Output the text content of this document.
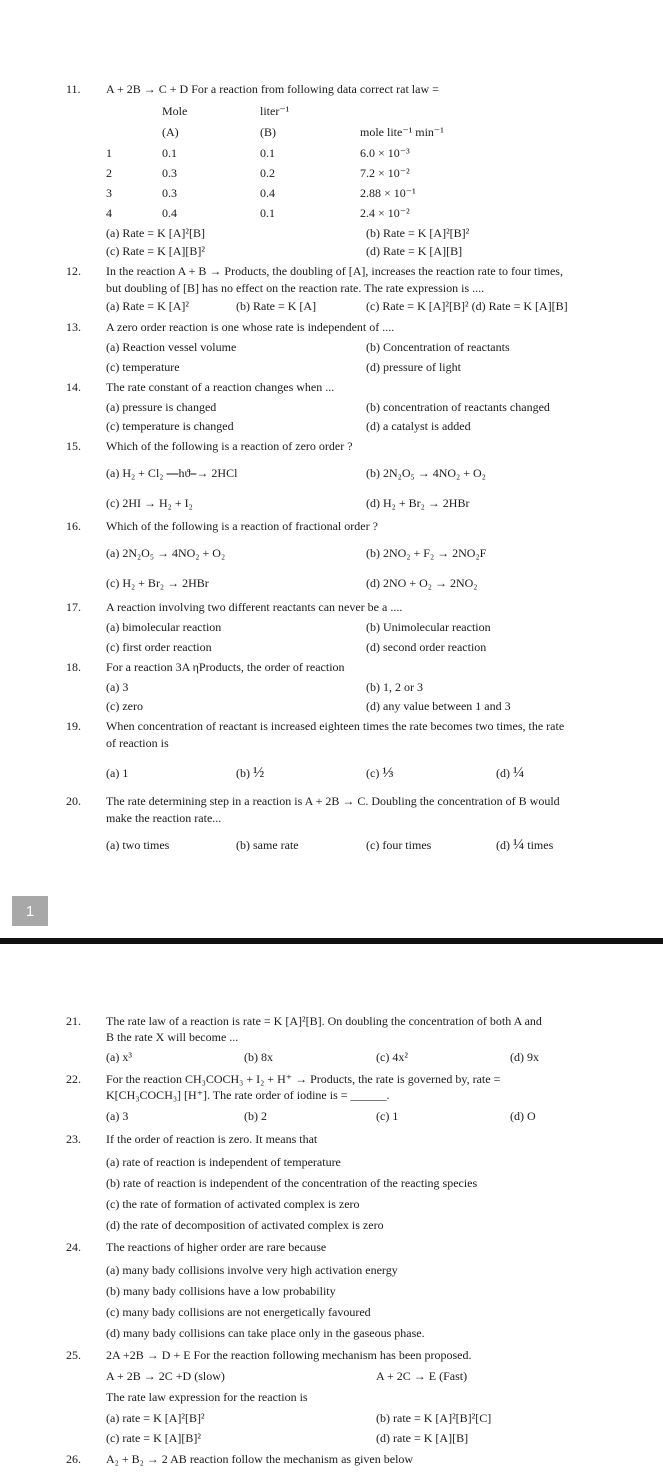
11. A + 2B → C + D For a reaction from following data correct rat law =
Mole	liter⁻¹
(A)	(B)	mole lite⁻¹ min⁻¹
1	0.1	0.1	6.0 × 10⁻³
2	0.3	0.2	7.2 × 10⁻²
3	0.3	0.4	2.88 × 10⁻¹
4	0.4	0.1	2.4 × 10⁻²
(a) Rate = K [A]²[B]	(b) Rate = K [A]²[B]²
(c) Rate = K [A][B]²	(d) Rate = K [A][B]
12. In the reaction A + B → Products, the doubling of [A], increases the reaction rate to four times,
but doubling of [B] has no effect on the reaction rate. The rate expression is ....
(a) Rate = K [A]²	(b) Rate = K [A]	(c) Rate = K [A]²[B]² (d) Rate = K [A][B]
13. A zero order reaction is one whose rate is independent of ....
(a) Reaction vessel volume	(b) Concentration of reactants
(c) temperature	(d) pressure of light
14. The rate constant of a reaction changes when ...
(a) pressure is changed	(b) concentration of reactants changed
(c) temperature is changed	(d) a catalyst is added
15. Which of the following is a reaction of zero order ?
(a) H₂ + Cl₂ ⎯⎯hϑ⎯→ 2HCl	(b) 2N₂O₅ → 4NO₂ + O₂
(c) 2HI → H₂ + I₂	(d) H₂ + Br₂ → 2HBr
16. Which of the following is a reaction of fractional order ?
(a) 2N₂O₅ → 4NO₂ + O₂	(b) 2NO₂ + F₂ → 2NO₂F
(c) H₂ + Br₂ → 2HBr	(d) 2NO + O₂ → 2NO₂
17. A reaction involving two different reactants can never be a ....
(a) bimolecular reaction	(b) Unimolecular reaction
(c) first order reaction	(d) second order reaction
18. For a reaction 3A ηProducts, the order of reaction
(a) 3	(b) 1, 2 or 3
(c) zero	(d) any value between 1 and 3
19. When concentration of reactant is increased eighteen times the rate becomes two times, the rate
of reaction is
(a) 1	(b) ½	(c) ⅓	(d) ¼
20. The rate determining step in a reaction is A + 2B → C. Doubling the concentration of B would
make the reaction rate...
(a) two times	(b) same rate	(c) four times	(d) ¼ times
1
21. The rate law of a reaction is rate = K [A]²[B]. On doubling the concentration of both A and
B the rate X will become ...
(a) x³	(b) 8x	(c) 4x²	(d) 9x
22. For the reaction CH₃COCH₃ + I₂ + H⁺ → Products, the rate is governed by, rate =
K[CH₃COCH₃] [H⁺]. The rate order of iodine is = ______.
(a) 3	(b) 2	(c) 1	(d) O
23. If the order of reaction is zero. It means that
(a) rate of reaction is independent of temperature
(b) rate of reaction is independent of the concentration of the reacting species
(c) the rate of formation of activated complex is zero
(d) the rate of decomposition of activated complex is zero
24. The reactions of higher order are rare because
(a) many bady collisions involve very high activation energy
(b) many bady collisions have a low probability
(c) many bady collisions are not energetically favoured
(d) many bady collisions can take place only in the gaseous phase.
25. 2A +2B → D + E For the reaction following mechanism has been proposed.
A + 2B → 2C +D (slow)	A + 2C → E (Fast)
The rate law expression for the reaction is
(a) rate = K [A]²[B]²	(b) rate = K [A]²[B]²[C]
(c) rate = K [A][B]²	(d) rate = K [A][B]
26. A₂ + B₂ → 2 AB reaction follow the mechanism as given below
